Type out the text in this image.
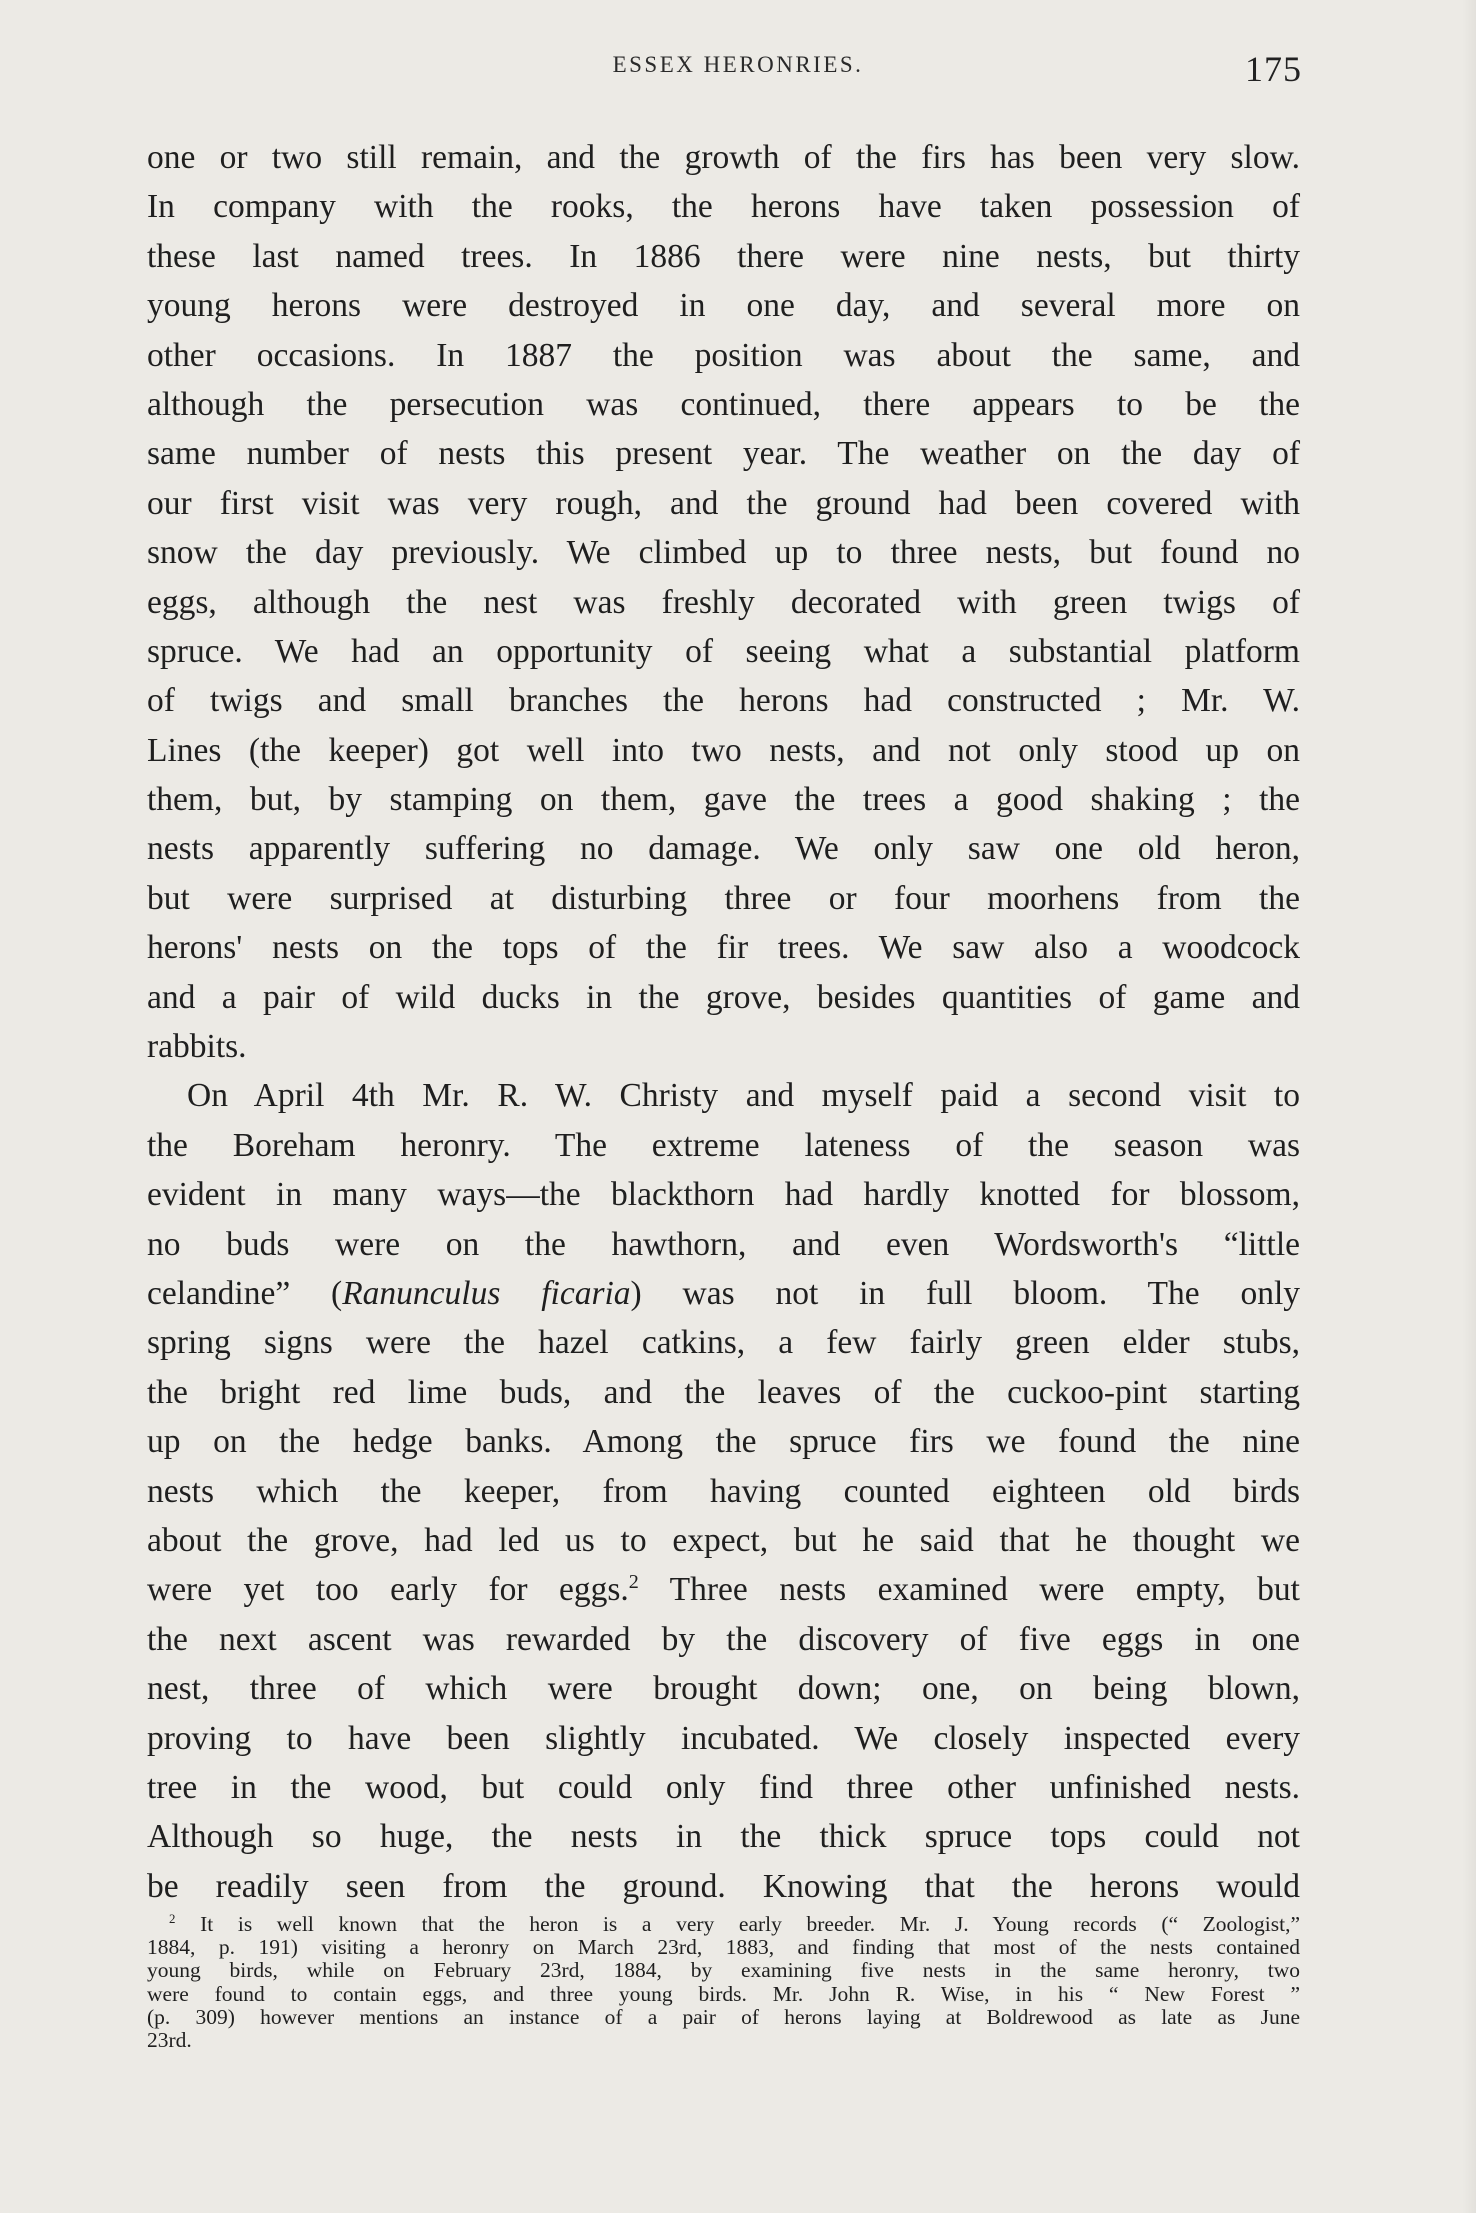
ESSEX HERONRIES.	175
one or two still remain, and the growth of the firs has been very slow.
In company with the rooks, the herons have taken possession of
these last named trees. In 1886 there were nine nests, but thirty
young herons were destroyed in one day, and several more on
other occasions. In 1887 the position was about the same, and
although the persecution was continued, there appears to be the
same number of nests this present year. The weather on the day of
our first visit was very rough, and the ground had been covered with
snow the day previously. We climbed up to three nests, but found no
eggs, although the nest was freshly decorated with green twigs of
spruce. We had an opportunity of seeing what a substantial platform
of twigs and small branches the herons had constructed ; Mr. W.
Lines (the keeper) got well into two nests, and not only stood up on
them, but, by stamping on them, gave the trees a good shaking ; the
nests apparently suffering no damage. We only saw one old heron,
but were surprised at disturbing three or four moorhens from the
herons' nests on the tops of the fir trees. We saw also a woodcock
and a pair of wild ducks in the grove, besides quantities of game and
rabbits.
On April 4th Mr. R. W. Christy and myself paid a second visit to
the Boreham heronry. The extreme lateness of the season was
evident in many ways—the blackthorn had hardly knotted for blossom,
no buds were on the hawthorn, and even Wordsworth's “little
celandine” (Ranunculus ficaria) was not in full bloom. The only
spring signs were the hazel catkins, a few fairly green elder stubs,
the bright red lime buds, and the leaves of the cuckoo-pint starting
up on the hedge banks. Among the spruce firs we found the nine
nests which the keeper, from having counted eighteen old birds
about the grove, had led us to expect, but he said that he thought we
were yet too early for eggs.$^2$ Three nests examined were empty, but
the next ascent was rewarded by the discovery of five eggs in one
nest, three of which were brought down; one, on being blown,
proving to have been slightly incubated. We closely inspected every
tree in the wood, but could only find three other unfinished nests.
Although so huge, the nests in the thick spruce tops could not
be readily seen from the ground. Knowing that the herons would
$^2$ It is well known that the heron is a very early breeder. Mr. J. Young records (“ Zoologist,”
1884, p. 191) visiting a heronry on March 23rd, 1883, and finding that most of the nests contained
young birds, while on February 23rd, 1884, by examining five nests in the same heronry, two
were found to contain eggs, and three young birds. Mr. John R. Wise, in his “ New Forest ”
(p. 309) however mentions an instance of a pair of herons laying at Boldrewood as late as June
23rd.
